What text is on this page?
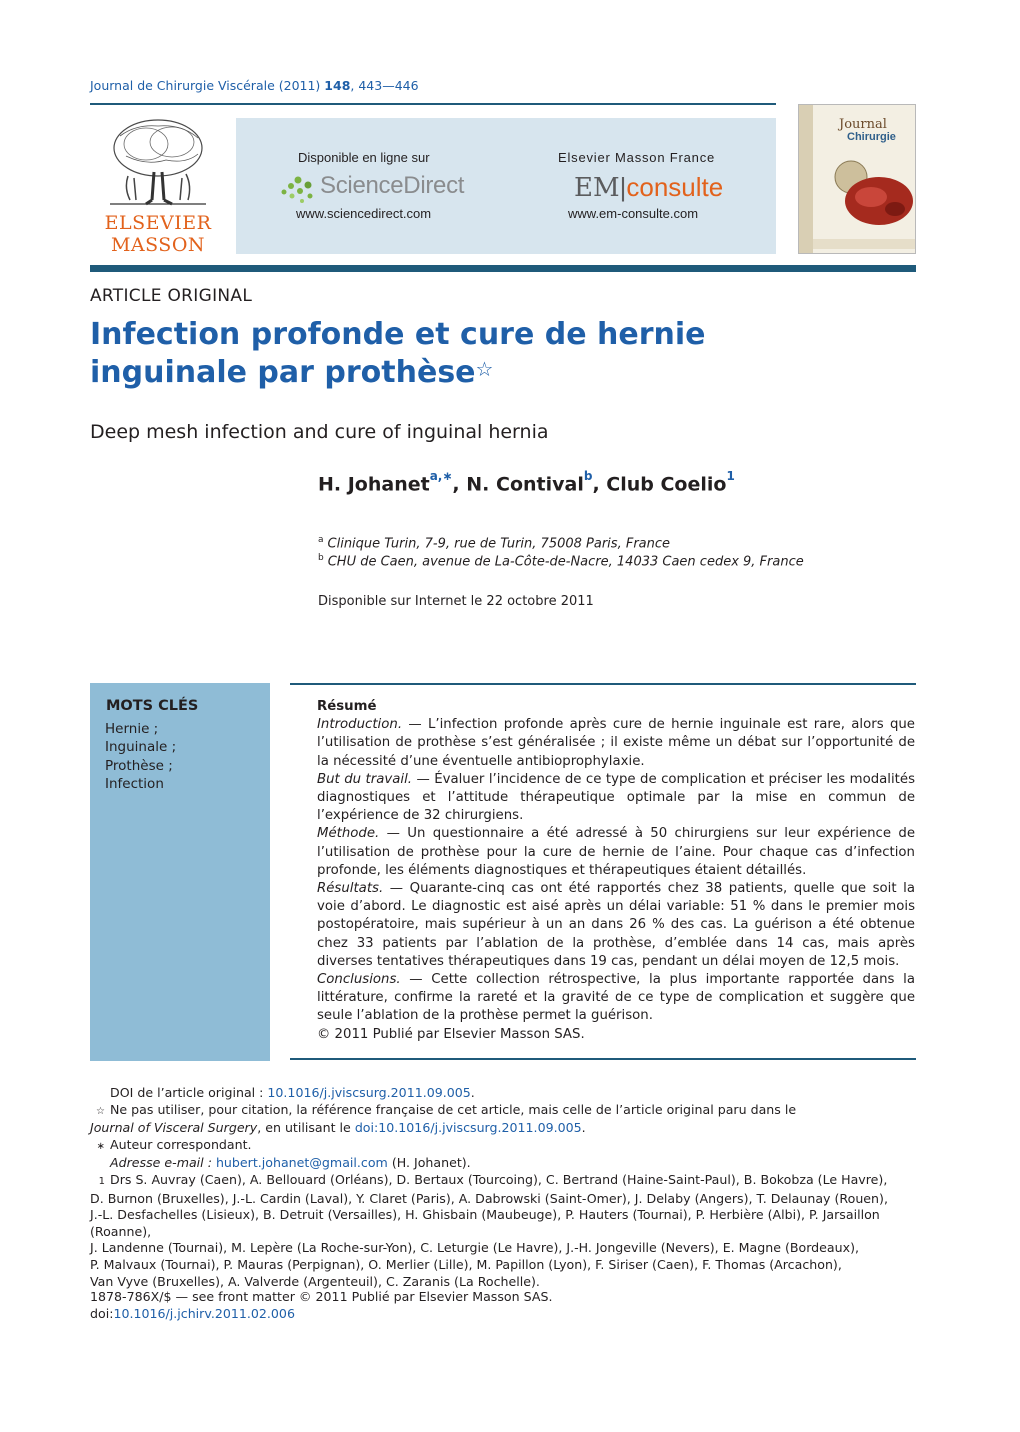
Journal de Chirurgie Viscérale (2011) 148, 443—446
ELSEVIER
MASSON
Disponible en ligne sur
ScienceDirect
www.sciencedirect.com
Elsevier Masson France
EM|consulte
www.em-consulte.com
Journal
Chirurgie
ARTICLE ORIGINAL
Infection profonde et cure de hernie inguinale par prothèse☆
Deep mesh infection and cure of inguinal hernia
H. Johanet$^{a,∗}$, N. Contival$^b$, Club Coelio$^1$
$^a$ Clinique Turin, 7-9, rue de Turin, 75008 Paris, France
$^b$ CHU de Caen, avenue de La-Côte-de-Nacre, 14033 Caen cedex 9, France
Disponible sur Internet le 22 octobre 2011
MOTS CLÉS
Hernie ;
Inguinale ;
Prothèse ;
Infection
Résumé

Introduction. — L’infection profonde après cure de hernie inguinale est rare, alors que l’utilisation de prothèse s’est généralisée ; il existe même un débat sur l’opportunité de la nécessité d’une éventuelle antibioprophylaxie.

But du travail. — Évaluer l’incidence de ce type de complication et préciser les modalités diagnostiques et l’attitude thérapeutique optimale par la mise en commun de l’expérience de 32 chirurgiens.

Méthode. — Un questionnaire a été adressé à 50 chirurgiens sur leur expérience de l’utilisation de prothèse pour la cure de hernie de l’aine. Pour chaque cas d’infection profonde, les éléments diagnostiques et thérapeutiques étaient détaillés.

Résultats. — Quarante-cinq cas ont été rapportés chez 38 patients, quelle que soit la voie d’abord. Le diagnostic est aisé après un délai variable: 51 % dans le premier mois postopératoire, mais supérieur à un an dans 26 % des cas. La guérison a été obtenue chez 33 patients par l’ablation de la prothèse, d’emblée dans 14 cas, mais après diverses tentatives thérapeutiques dans 19 cas, pendant un délai moyen de 12,5 mois.

Conclusions. — Cette collection rétrospective, la plus importante rapportée dans la littérature, confirme la rareté et la gravité de ce type de complication et suggère que seule l’ablation de la prothèse permet la guérison.

© 2011 Publié par Elsevier Masson SAS.
DOI de l’article original : 10.1016/j.jviscsurg.2011.09.005.
☆ Ne pas utiliser, pour citation, la référence française de cet article, mais celle de l’article original paru dans le
Journal of Visceral Surgery, en utilisant le doi:10.1016/j.jviscsurg.2011.09.005.
∗ Auteur correspondant.
Adresse e-mail : hubert.johanet@gmail.com (H. Johanet).
1 Drs S. Auvray (Caen), A. Bellouard (Orléans), D. Bertaux (Tourcoing), C. Bertrand (Haine-Saint-Paul), B. Bokobza (Le Havre),
D. Burnon (Bruxelles), J.-L. Cardin (Laval), Y. Claret (Paris), A. Dabrowski (Saint-Omer), J. Delaby (Angers), T. Delaunay (Rouen),
J.-L. Desfachelles (Lisieux), B. Detruit (Versailles), H. Ghisbain (Maubeuge), P. Hauters (Tournai), P. Herbière (Albi), P. Jarsaillon (Roanne),
J. Landenne (Tournai), M. Lepère (La Roche-sur-Yon), C. Leturgie (Le Havre), J.-H. Jongeville (Nevers), E. Magne (Bordeaux),
P. Malvaux (Tournai), P. Mauras (Perpignan), O. Merlier (Lille), M. Papillon (Lyon), F. Siriser (Caen), F. Thomas (Arcachon),
Van Vyve (Bruxelles), A. Valverde (Argenteuil), C. Zaranis (La Rochelle).
1878-786X/$ — see front matter © 2011 Publié par Elsevier Masson SAS.
doi:10.1016/j.jchirv.2011.02.006
